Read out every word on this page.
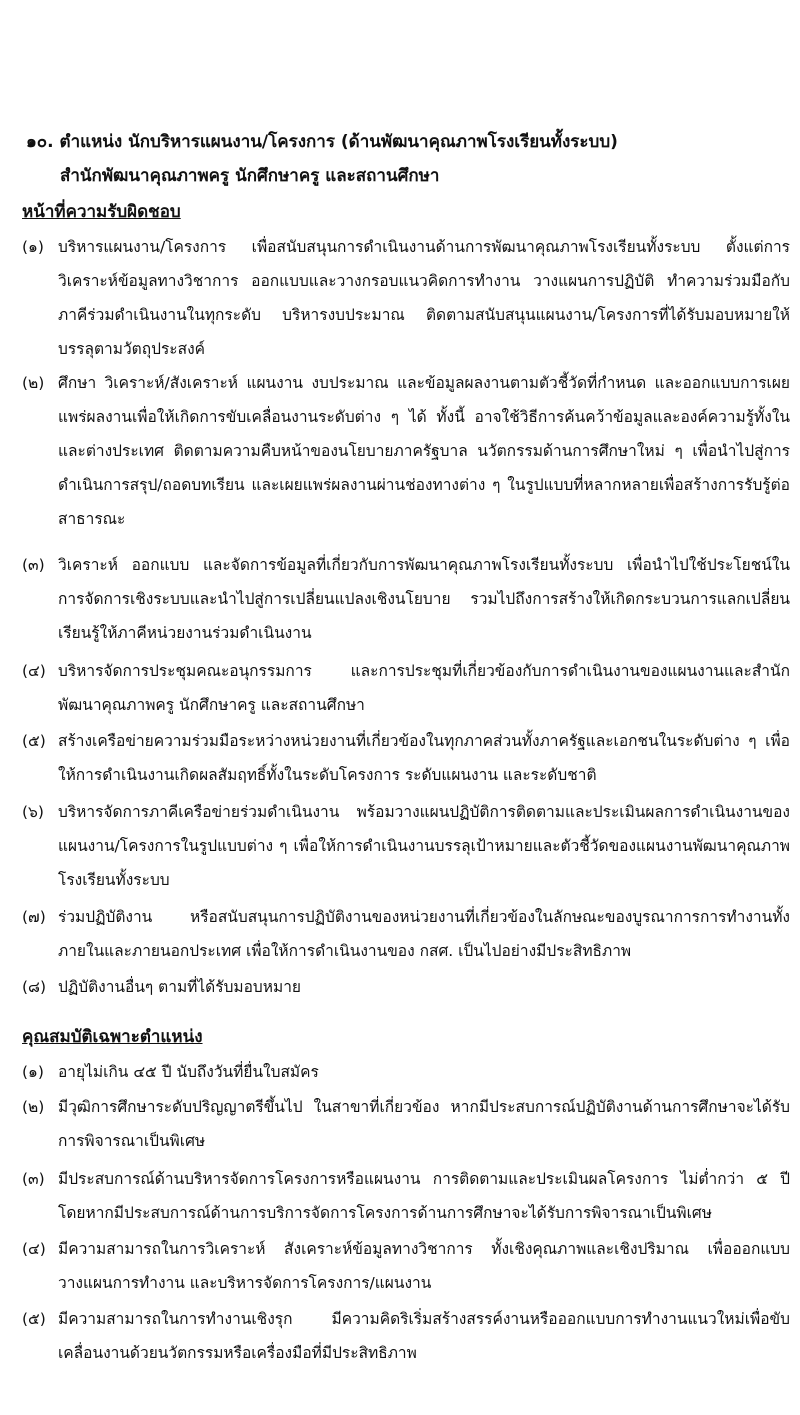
๑๐. ตำแหน่ง นักบริหารแผนงาน/โครงการ (ด้านพัฒนาคุณภาพโรงเรียนทั้งระบบ)
สำนักพัฒนาคุณภาพครู นักศึกษาครู และสถานศึกษา
หน้าที่ความรับผิดชอบ
(๑) บริหารแผนงาน/โครงการ เพื่อสนับสนุนการดำเนินงานด้านการพัฒนาคุณภาพโรงเรียนทั้งระบบ ตั้งแต่การวิเคราะห์ข้อมูลทางวิชาการ ออกแบบและวางกรอบแนวคิดการทำงาน วางแผนการปฏิบัติ ทำความร่วมมือกับภาคีร่วมดำเนินงานในทุกระดับ บริหารงบประมาณ ติดตามสนับสนุนแผนงาน/โครงการที่ได้รับมอบหมายให้บรรลุตามวัตถุประสงค์
(๒) ศึกษา วิเคราะห์/สังเคราะห์ แผนงาน งบประมาณ และข้อมูลผลงานตามตัวชี้วัดที่กำหนด และออกแบบการเผยแพร่ผลงานเพื่อให้เกิดการขับเคลื่อนงานระดับต่าง ๆ ได้ ทั้งนี้ อาจใช้วิธีการค้นคว้าข้อมูลและองค์ความรู้ทั้งในและต่างประเทศ ติดตามความคืบหน้าของนโยบายภาครัฐบาล นวัตกรรมด้านการศึกษาใหม่ ๆ เพื่อนำไปสู่การดำเนินการสรุป/ถอดบทเรียน และเผยแพร่ผลงานผ่านช่องทางต่าง ๆ ในรูปแบบที่หลากหลายเพื่อสร้างการรับรู้ต่อสาธารณะ
(๓) วิเคราะห์ ออกแบบ และจัดการข้อมูลที่เกี่ยวกับการพัฒนาคุณภาพโรงเรียนทั้งระบบ เพื่อนำไปใช้ประโยชน์ในการจัดการเชิงระบบและนำไปสู่การเปลี่ยนแปลงเชิงนโยบาย รวมไปถึงการสร้างให้เกิดกระบวนการแลกเปลี่ยนเรียนรู้ให้ภาคีหน่วยงานร่วมดำเนินงาน
(๔) บริหารจัดการประชุมคณะอนุกรรมการ และการประชุมที่เกี่ยวข้องกับการดำเนินงานของแผนงานและสำนักพัฒนาคุณภาพครู นักศึกษาครู และสถานศึกษา
(๕) สร้างเครือข่ายความร่วมมือระหว่างหน่วยงานที่เกี่ยวข้องในทุกภาคส่วนทั้งภาครัฐและเอกชนในระดับต่าง ๆ เพื่อให้การดำเนินงานเกิดผลสัมฤทธิ์ทั้งในระดับโครงการ ระดับแผนงาน และระดับชาติ
(๖) บริหารจัดการภาคีเครือข่ายร่วมดำเนินงาน พร้อมวางแผนปฏิบัติการติดตามและประเมินผลการดำเนินงานของแผนงาน/โครงการในรูปแบบต่าง ๆ เพื่อให้การดำเนินงานบรรลุเป้าหมายและตัวชี้วัดของแผนงานพัฒนาคุณภาพโรงเรียนทั้งระบบ
(๗) ร่วมปฏิบัติงาน หรือสนับสนุนการปฏิบัติงานของหน่วยงานที่เกี่ยวข้องในลักษณะของบูรณาการการทำงานทั้งภายในและภายนอกประเทศ เพื่อให้การดำเนินงานของ กสศ. เป็นไปอย่างมีประสิทธิภาพ
(๘) ปฏิบัติงานอื่นๆ ตามที่ได้รับมอบหมาย
คุณสมบัติเฉพาะตำแหน่ง
(๑) อายุไม่เกิน ๔๕ ปี นับถึงวันที่ยื่นใบสมัคร
(๒) มีวุฒิการศึกษาระดับปริญญาตรีขึ้นไป ในสาขาที่เกี่ยวข้อง หากมีประสบการณ์ปฏิบัติงานด้านการศึกษาจะได้รับการพิจารณาเป็นพิเศษ
(๓) มีประสบการณ์ด้านบริหารจัดการโครงการหรือแผนงาน การติดตามและประเมินผลโครงการ ไม่ต่ำกว่า ๕ ปี โดยหากมีประสบการณ์ด้านการบริการจัดการโครงการด้านการศึกษาจะได้รับการพิจารณาเป็นพิเศษ
(๔) มีความสามารถในการวิเคราะห์ สังเคราะห์ข้อมูลทางวิชาการ ทั้งเชิงคุณภาพและเชิงปริมาณ เพื่อออกแบบวางแผนการทำงาน และบริหารจัดการโครงการ/แผนงาน
(๕) มีความสามารถในการทำงานเชิงรุก มีความคิดริเริ่มสร้างสรรค์งานหรือออกแบบการทำงานแนวใหม่เพื่อขับเคลื่อนงานด้วยนวัตกรรมหรือเครื่องมือที่มีประสิทธิภาพ
